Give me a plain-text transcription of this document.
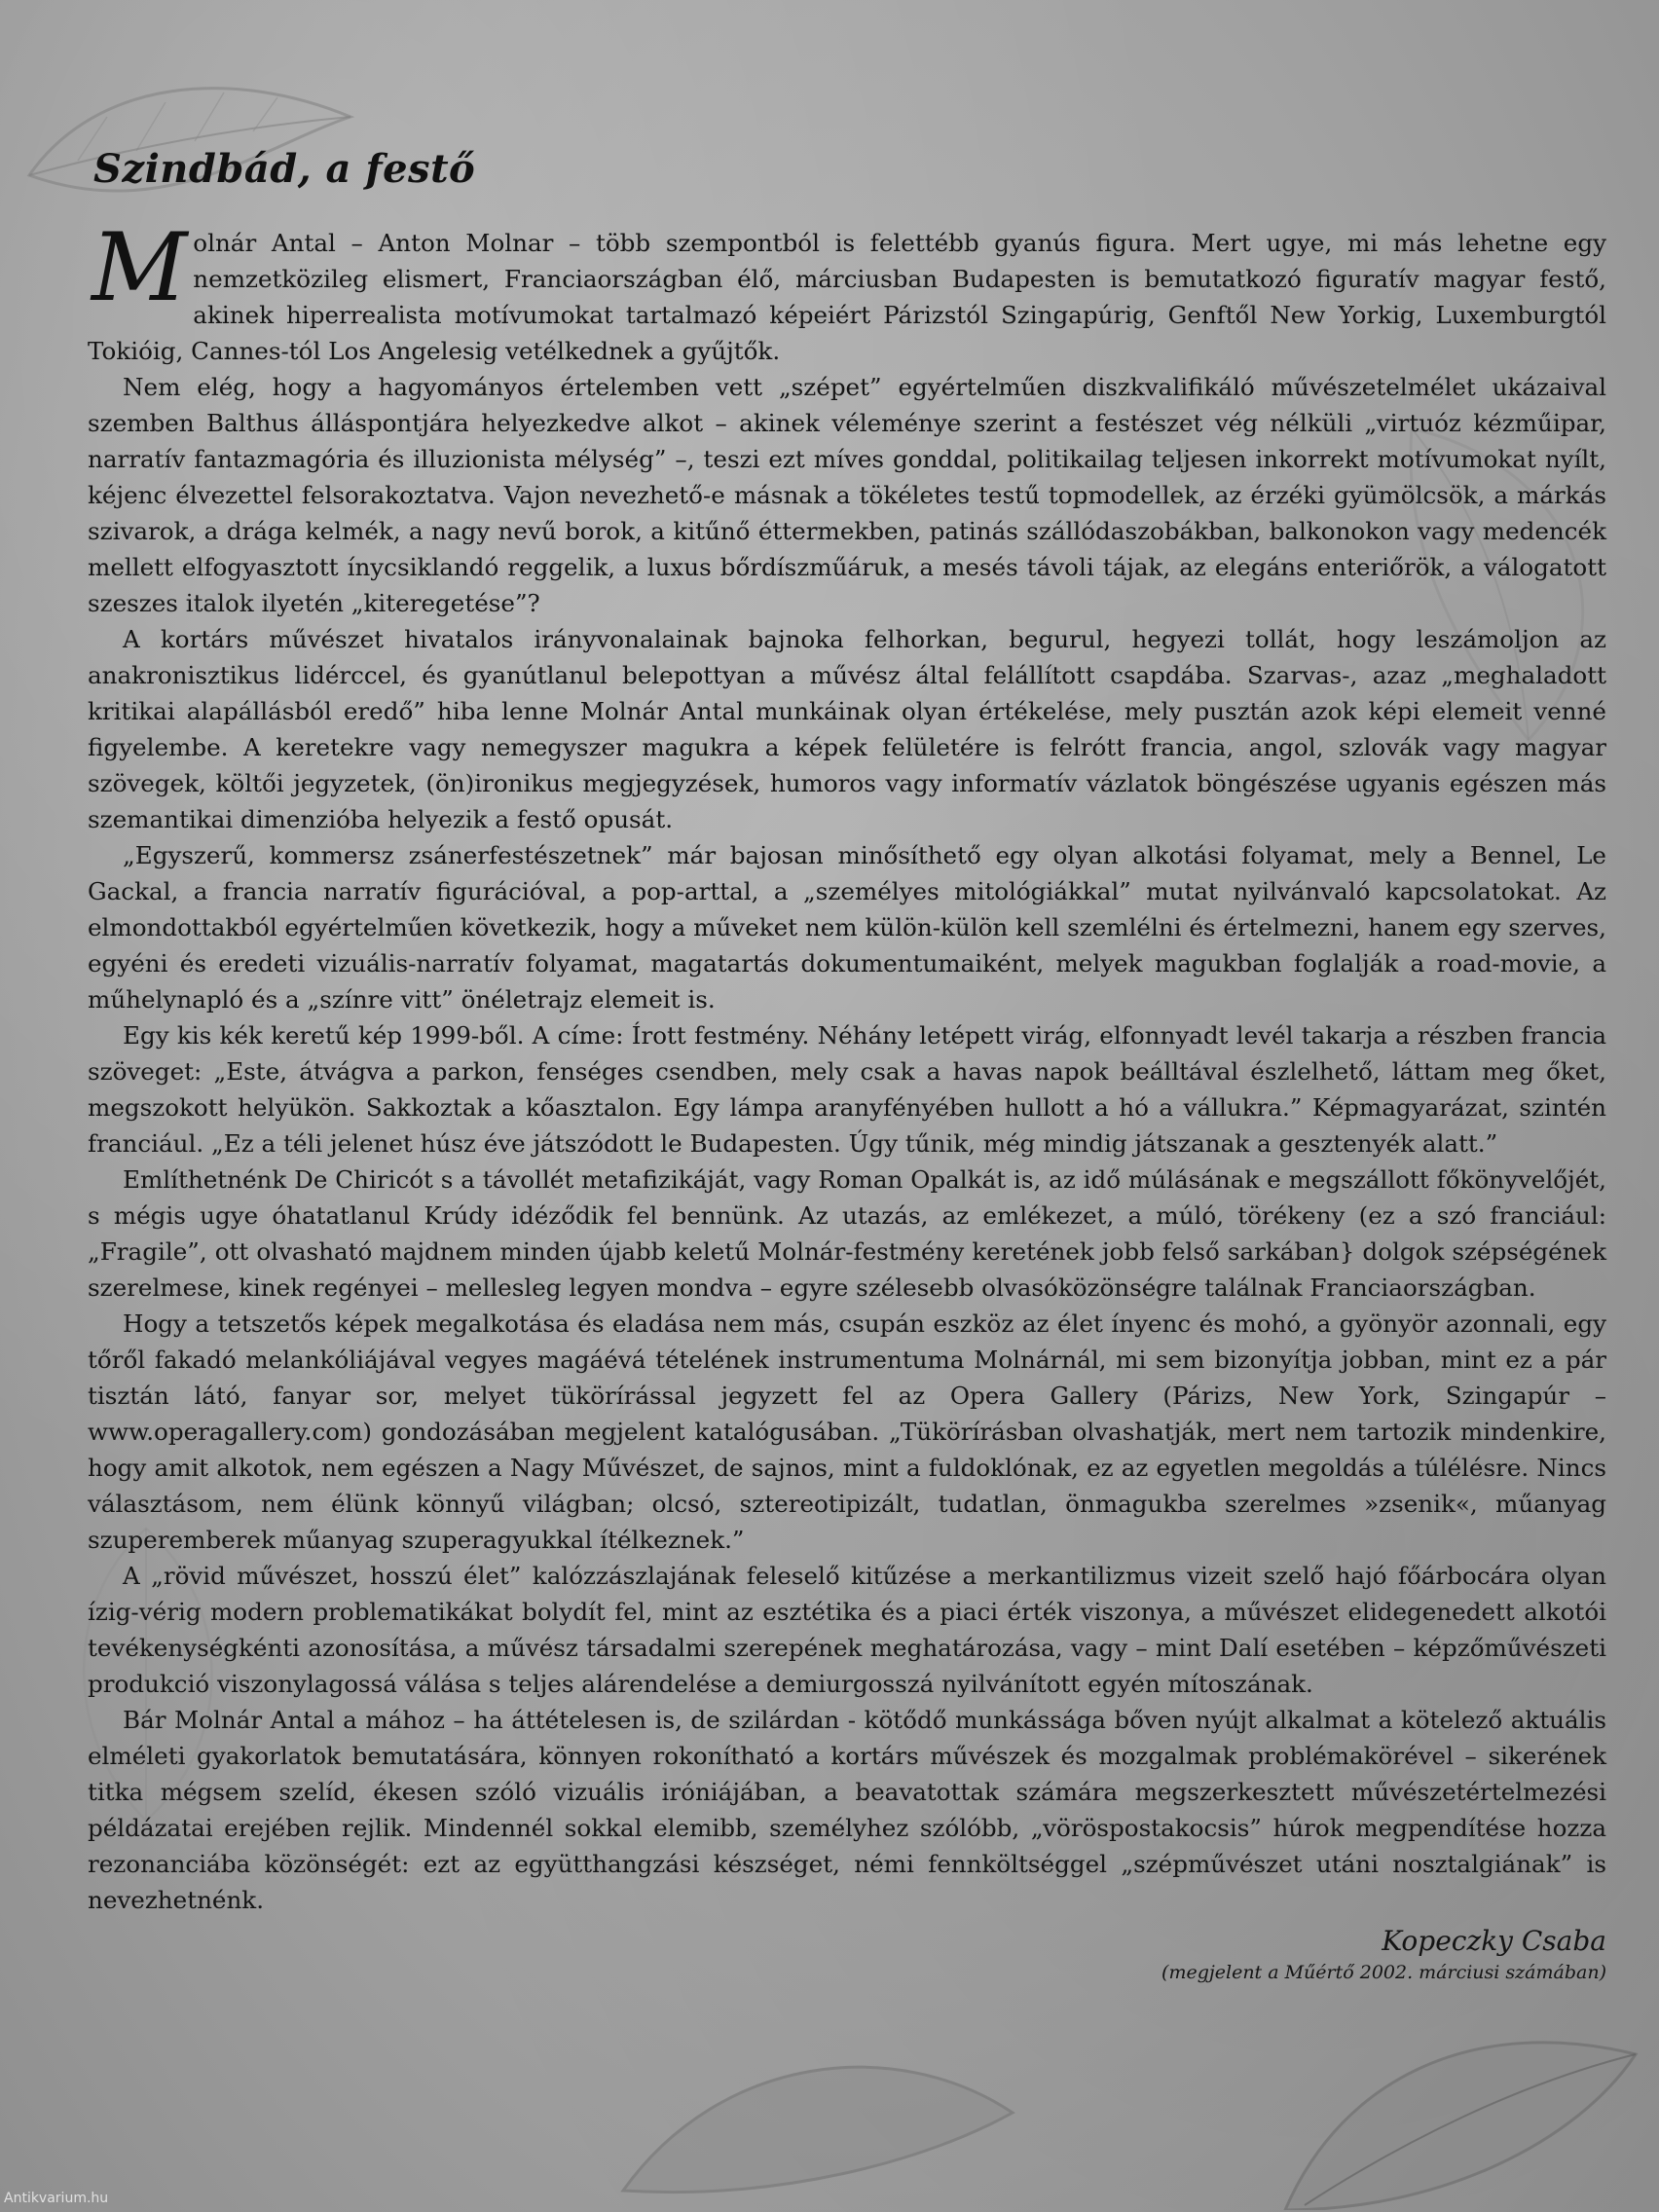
Szindbád, a festő

Molnár Antal – Anton Molnar – több szempontból is felettébb gyanús figura. Mert ugye, mi más lehetne egy nemzetközileg elismert, Franciaországban élő, márciusban Budapesten is bemutatkozó figuratív magyar festő, akinek hiperrealista motívumokat tartalmazó képeiért Párizstól Szingapúrig, Genftől New Yorkig, Luxemburgtól Tokióig, Cannes-tól Los Angelesig vetélkednek a gyűjtők.

Nem elég, hogy a hagyományos értelemben vett „szépet” egyértelműen diszkvalifikáló művészetelmélet ukázaival szemben Balthus álláspontjára helyezkedve alkot – akinek véleménye szerint a festészet vég nélküli „virtuóz kézműipar, narratív fantazmagória és illuzionista mélység” –, teszi ezt míves gonddal, politikailag teljesen inkorrekt motívumokat nyílt, kéjenc élvezettel felsorakoztatva. Vajon nevezhető-e másnak a tökéletes testű topmodellek, az érzéki gyümölcsök, a márkás szivarok, a drága kelmék, a nagy nevű borok, a kitűnő éttermekben, patinás szállódaszobákban, balkonokon vagy medencék mellett elfogyasztott ínycsiklandó reggelik, a luxus bőrdíszműáruk, a mesés távoli tájak, az elegáns enteriőrök, a válogatott szeszes italok ilyetén „kiteregetése”?

A kortárs művészet hivatalos irányvonalainak bajnoka felhorkan, begurul, hegyezi tollát, hogy leszámoljon az anakronisztikus lidérccel, és gyanútlanul belepottyan a művész által felállított csapdába. Szarvas-, azaz „meghaladott kritikai alapállásból eredő” hiba lenne Molnár Antal munkáinak olyan értékelése, mely pusztán azok képi elemeit venné figyelembe. A keretekre vagy nemegyszer magukra a képek felületére is felrótt francia, angol, szlovák vagy magyar szövegek, költői jegyzetek, (ön)ironikus megjegyzések, humoros vagy informatív vázlatok böngészése ugyanis egészen más szemantikai dimenzióba helyezik a festő opusát.

„Egyszerű, kommersz zsánerfestészetnek” már bajosan minősíthető egy olyan alkotási folyamat, mely a Bennel, Le Gackal, a francia narratív figurációval, a pop-arttal, a „személyes mitológiákkal” mutat nyilvánvaló kapcsolatokat. Az elmondottakból egyértelműen következik, hogy a műveket nem külön-külön kell szemlélni és értelmezni, hanem egy szerves, egyéni és eredeti vizuális-narratív folyamat, magatartás dokumentumaiként, melyek magukban foglalják a road-movie, a műhelynapló és a „színre vitt” önéletrajz elemeit is.

Egy kis kék keretű kép 1999-ből. A címe: Írott festmény. Néhány letépett virág, elfonnyadt levél takarja a részben francia szöveget: „Este, átvágva a parkon, fenséges csendben, mely csak a havas napok beálltával észlelhető, láttam meg őket, megszokott helyükön. Sakkoztak a kőasztalon. Egy lámpa aranyfényében hullott a hó a vállukra.” Képmagyarázat, szintén franciául. „Ez a téli jelenet húsz éve játszódott le Budapesten. Úgy tűnik, még mindig játszanak a gesztenyék alatt.”

Említhetnénk De Chiricót s a távollét metafizikáját, vagy Roman Opalkát is, az idő múlásának e megszállott főkönyvelőjét, s mégis ugye óhatatlanul Krúdy idéződik fel bennünk. Az utazás, az emlékezet, a múló, törékeny (ez a szó franciául: „Fragile”, ott olvasható majdnem minden újabb keletű Molnár-festmény keretének jobb felső sarkában} dolgok szépségének szerelmese, kinek regényei – mellesleg legyen mondva – egyre szélesebb olvasóközönségre találnak Franciaországban.

Hogy a tetszetős képek megalkotása és eladása nem más, csupán eszköz az élet ínyenc és mohó, a gyönyör azonnali, egy tőről fakadó melankóliájával vegyes magáévá tételének instrumentuma Molnárnál, mi sem bizonyítja jobban, mint ez a pár tisztán látó, fanyar sor, melyet tükörírással jegyzett fel az Opera Gallery (Párizs, New York, Szingapúr – www.operagallery.com) gondozásában megjelent katalógusában. „Tükörírásban olvashatják, mert nem tartozik mindenkire, hogy amit alkotok, nem egészen a Nagy Művészet, de sajnos, mint a fuldoklónak, ez az egyetlen megoldás a túlélésre. Nincs választásom, nem élünk könnyű világban; olcsó, sztereotipizált, tudatlan, önmagukba szerelmes »zsenik«, műanyag szuperemberek műanyag szuperagyukkal ítélkeznek.”

A „rövid művészet, hosszú élet” kalózzászlajának feleselő kitűzése a merkantilizmus vizeit szelő hajó főárbocára olyan ízig-vérig modern problematikákat bolydít fel, mint az esztétika és a piaci érték viszonya, a művészet elidegenedett alkotói tevékenységkénti azonosítása, a művész társadalmi szerepének meghatározása, vagy – mint Dalí esetében – képzőművészeti produkció viszonylagossá válása s teljes alárendelése a demiurgosszá nyilvánított egyén mítoszának.

Bár Molnár Antal a mához – ha áttételesen is, de szilárdan - kötődő munkássága bőven nyújt alkalmat a kötelező aktuális elméleti gyakorlatok bemutatására, könnyen rokonítható a kortárs művészek és mozgalmak problémakörével – sikerének titka mégsem szelíd, ékesen szóló vizuális iróniájában, a beavatottak számára megszerkesztett művészetértelmezési példázatai erejében rejlik. Mindennél sokkal elemibb, személyhez szólóbb, „vöröspostakocsis” húrok megpendítése hozza rezonanciába közönségét: ezt az együtthangzási készséget, némi fennköltséggel „szépművészet utáni nosztalgiának” is nevezhetnénk.

Kopeczky Csaba
(megjelent a Műértő 2002. márciusi számában)
Antikvarium.hu
